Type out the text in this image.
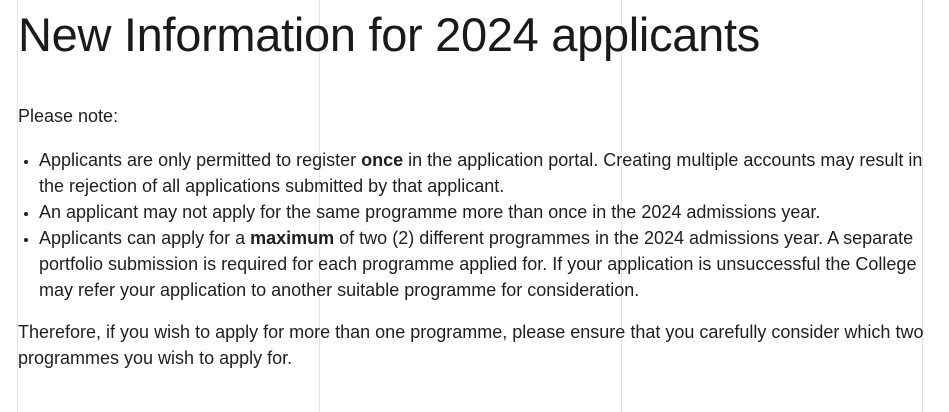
New Information for 2024 applicants

Please note:

• Applicants are only permitted to register once in the application portal. Creating multiple accounts may result in the rejection of all applications submitted by that applicant.
• An applicant may not apply for the same programme more than once in the 2024 admissions year.
• Applicants can apply for a maximum of two (2) different programmes in the 2024 admissions year. A separate portfolio submission is required for each programme applied for. If your application is unsuccessful the College may refer your application to another suitable programme for consideration.

Therefore, if you wish to apply for more than one programme, please ensure that you carefully consider which two programmes you wish to apply for.
